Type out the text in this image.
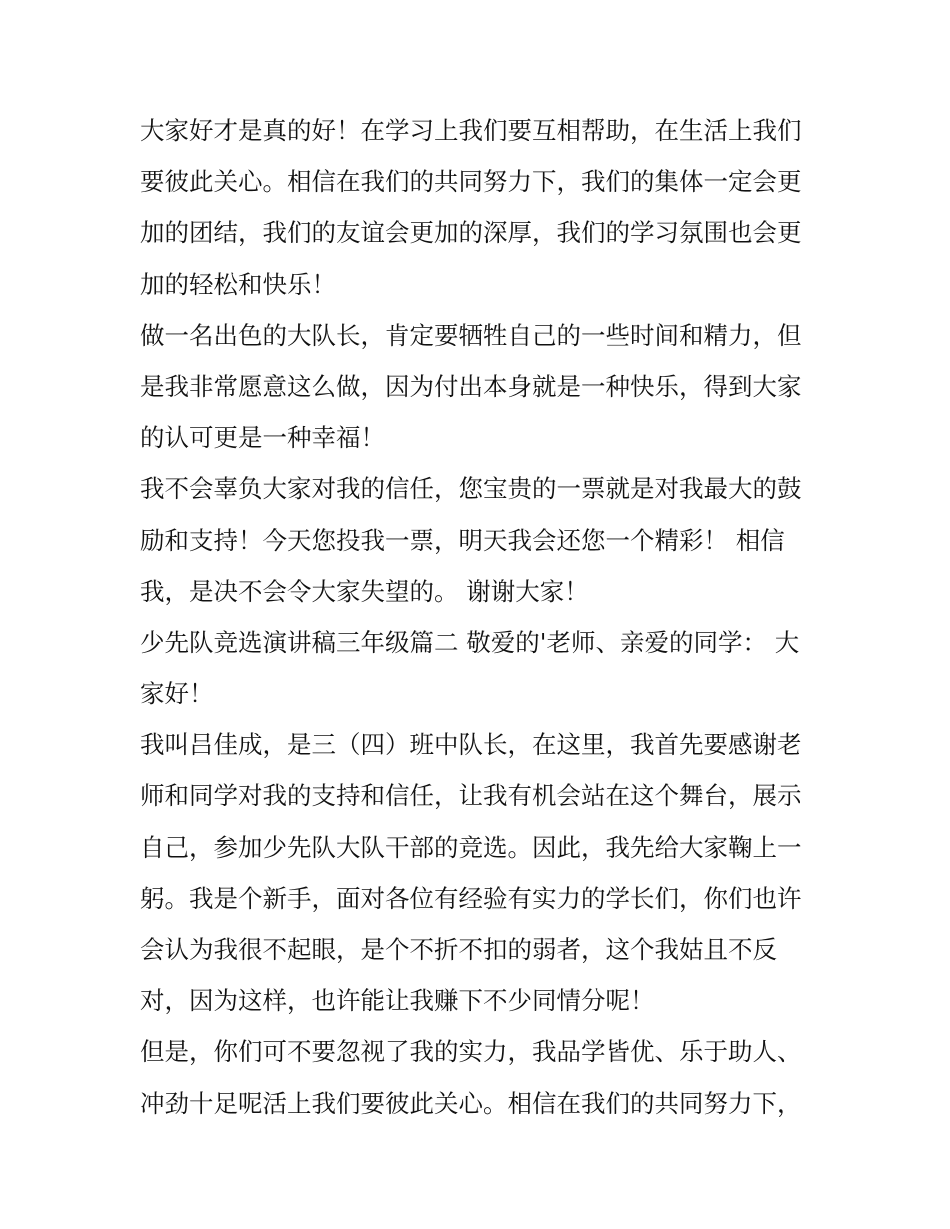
大家好才是真的好！在学习上我们要互相帮助，在生活上我们
要彼此关心。相信在我们的共同努力下，我们的集体一定会更
加的团结，我们的友谊会更加的深厚，我们的学习氛围也会更
加的轻松和快乐！

做一名出色的大队长，肯定要牺牲自己的一些时间和精力，但
是我非常愿意这么做，因为付出本身就是一种快乐，得到大家
的认可更是一种幸福！

我不会辜负大家对我的信任，您宝贵的一票就是对我最大的鼓
励和支持！今天您投我一票，明天我会还您一个精彩！ 相信
我，是决不会令大家失望的。 谢谢大家！

少先队竞选演讲稿三年级篇二 敬爱的'老师、亲爱的同学： 大
家好！

我叫吕佳成，是三（四）班中队长，在这里，我首先要感谢老
师和同学对我的支持和信任，让我有机会站在这个舞台，展示
自己，参加少先队大队干部的竞选。因此，我先给大家鞠上一
躬。我是个新手，面对各位有经验有实力的学长们，你们也许
会认为我很不起眼，是个不折不扣的弱者，这个我姑且不反
对，因为这样，也许能让我赚下不少同情分呢！

但是，你们可不要忽视了我的实力，我品学皆优、乐于助人、
冲劲十足呢活上我们要彼此关心。相信在我们的共同努力下，
